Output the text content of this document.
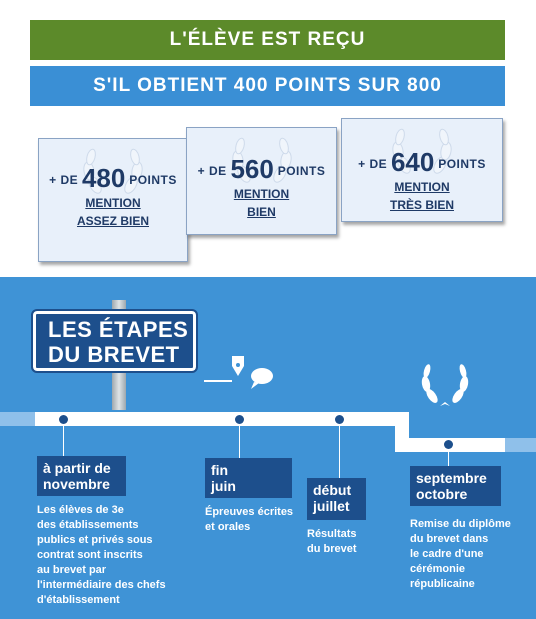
L'ÉLÈVE EST REÇU
S'IL OBTIENT 400 POINTS SUR 800
+ DE 480 POINTS
MENTION
ASSEZ BIEN
+ DE 560 POINTS
MENTION
BIEN
+ DE 640 POINTS
MENTION
TRÈS BIEN
LES ÉTAPES
DU BREVET
à partir de
novembre
fin
juin	début
juillet
septembre
octobre
Les élèves de 3e
des établissements
publics et privés sous
contrat sont inscrits
au brevet par
l'intermédiaire des chefs
d'établissement
Épreuves écrites
et orales
Résultats
du brevet
Remise du diplôme
du brevet dans
le cadre d'une
cérémonie
républicaine
